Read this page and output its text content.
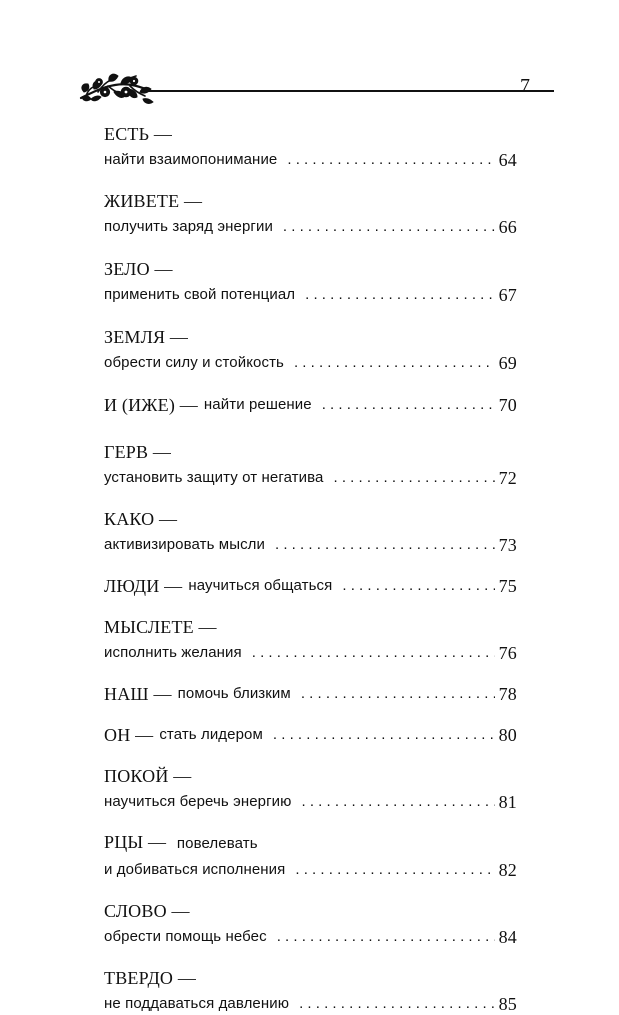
7
ЕСТЬ —
найти взаимопонимание . . .	64
ЖИВЕТЕ —
получить заряд энергии . . .	66
ЗЕЛО —
применить свой потенциал . . .	67
ЗЕМЛЯ —
обрести силу и стойкость . . .	69
И (ИЖЕ) — найти решение . . .	70
ГЕРВ —
установить защиту от негатива . . .	72
КАКО —
активизировать мысли . . .	73
ЛЮДИ — научиться общаться . . .	75
МЫСЛЕТЕ —
исполнить желания . . .	76
НАШ — помочь близким . . .	78
ОН — стать лидером . . .	80
ПОКОЙ —
научиться беречь энергию . . .	81
РЦЫ — повелевать
и добиваться исполнения . . .	82
СЛОВО —
обрести помощь небес . . .	84
ТВЕРДО —
не поддаваться давлению . . .	85
